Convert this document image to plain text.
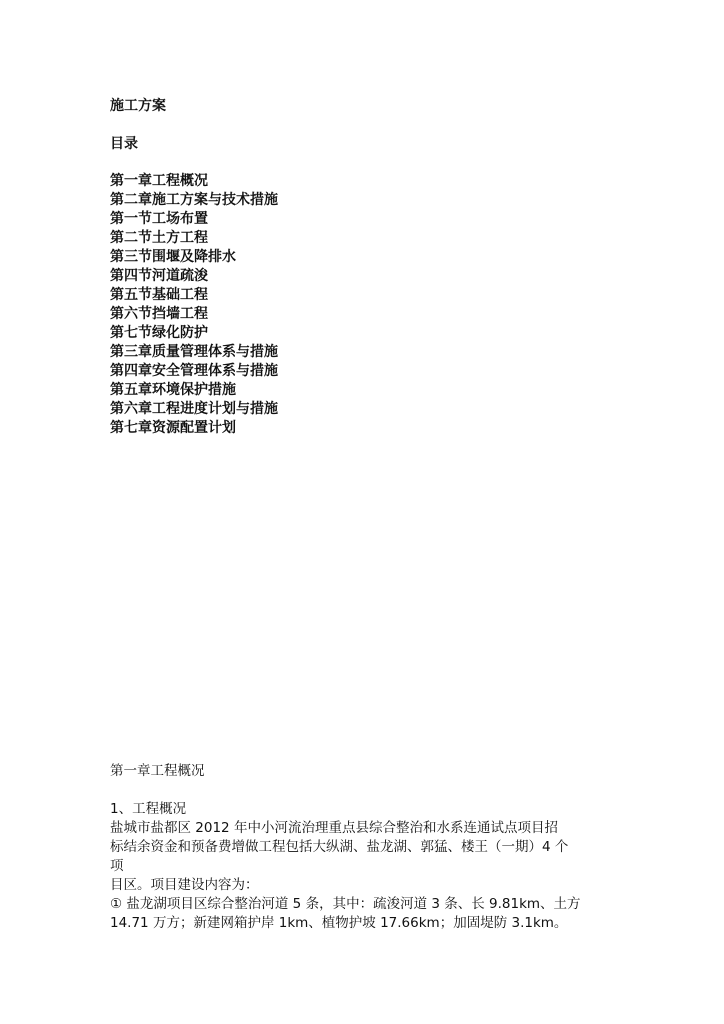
施工方案
目录
第一章工程概况
第二章施工方案与技术措施
第一节工场布置
第二节土方工程
第三节围堰及降排水
第四节河道疏浚
第五节基础工程
第六节挡墙工程
第七节绿化防护
第三章质量管理体系与措施
第四章安全管理体系与措施
第五章环境保护措施
第六章工程进度计划与措施
第七章资源配置计划

第一章工程概况

1、工程概况

盐城市盐都区 2012 年中小河流治理重点县综合整治和水系连通试点项目招

标结余资金和预备费增做工程包括大纵湖、盐龙湖、郭猛、楼王（一期）4 个

项

目区。项目建设内容为：

① 盐龙湖项目区综合整治河道 5 条，其中：疏浚河道 3 条、长 9.81km、土方

14.71 万方；新建网箱护岸 1km、植物护坡 17.66km；加固堤防 3.1km。
